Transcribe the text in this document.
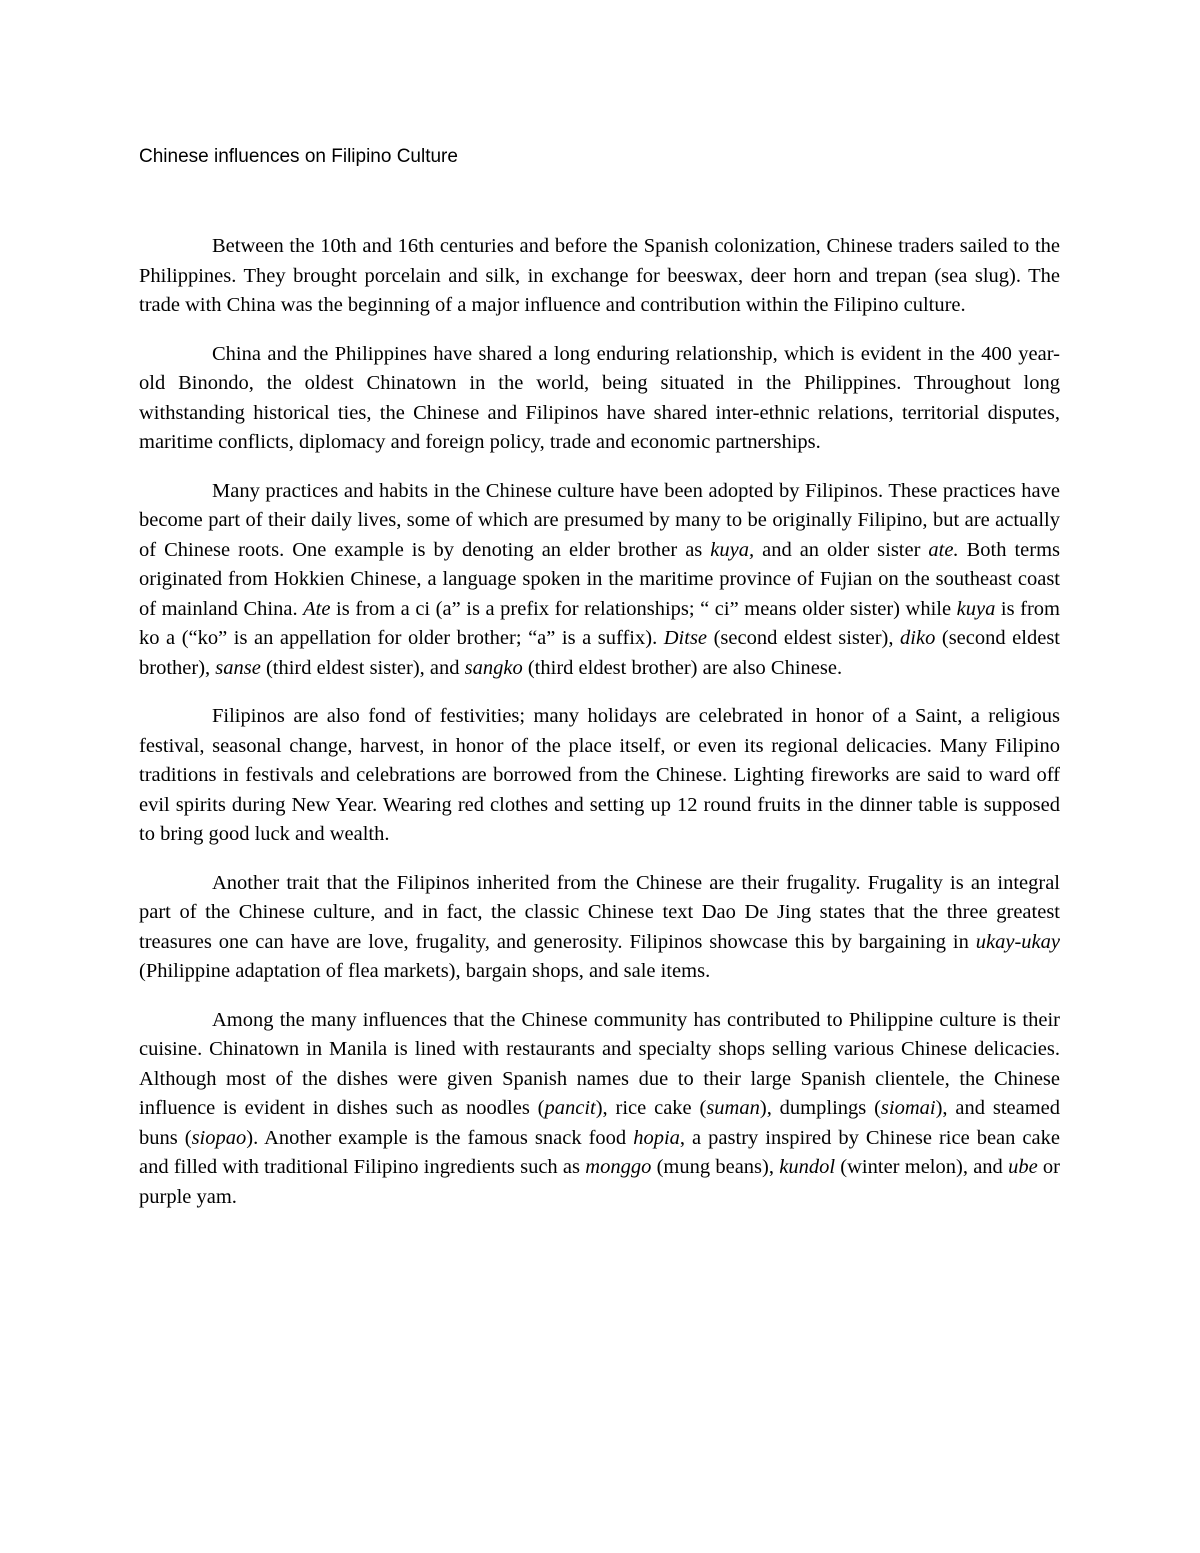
Chinese influences on Filipino Culture

Between the 10th and 16th centuries and before the Spanish colonization, Chinese traders sailed to the Philippines. They brought porcelain and silk, in exchange for beeswax, deer horn and trepan (sea slug). The trade with China was the beginning of a major influence and contribution within the Filipino culture.

China and the Philippines have shared a long enduring relationship, which is evident in the 400 year-old Binondo, the oldest Chinatown in the world, being situated in the Philippines. Throughout long withstanding historical ties, the Chinese and Filipinos have shared inter-ethnic relations, territorial disputes, maritime conflicts, diplomacy and foreign policy, trade and economic partnerships.

Many practices and habits in the Chinese culture have been adopted by Filipinos. These practices have become part of their daily lives, some of which are presumed by many to be originally Filipino, but are actually of Chinese roots. One example is by denoting an elder brother as kuya, and an older sister ate. Both terms originated from Hokkien Chinese, a language spoken in the maritime province of Fujian on the southeast coast of mainland China. Ate is from a ci (a” is a prefix for relationships; “ ci” means older sister) while kuya is from ko a (“ko” is an appellation for older brother; “a” is a suffix). Ditse (second eldest sister), diko (second eldest brother), sanse (third eldest sister), and sangko (third eldest brother) are also Chinese.

Filipinos are also fond of festivities; many holidays are celebrated in honor of a Saint, a religious festival, seasonal change, harvest, in honor of the place itself, or even its regional delicacies. Many Filipino traditions in festivals and celebrations are borrowed from the Chinese. Lighting fireworks are said to ward off evil spirits during New Year. Wearing red clothes and setting up 12 round fruits in the dinner table is supposed to bring good luck and wealth.

Another trait that the Filipinos inherited from the Chinese are their frugality. Frugality is an integral part of the Chinese culture, and in fact, the classic Chinese text Dao De Jing states that the three greatest treasures one can have are love, frugality, and generosity. Filipinos showcase this by bargaining in ukay-ukay (Philippine adaptation of flea markets), bargain shops, and sale items.

Among the many influences that the Chinese community has contributed to Philippine culture is their cuisine. Chinatown in Manila is lined with restaurants and specialty shops selling various Chinese delicacies. Although most of the dishes were given Spanish names due to their large Spanish clientele, the Chinese influence is evident in dishes such as noodles (pancit), rice cake (suman), dumplings (siomai), and steamed buns (siopao). Another example is the famous snack food hopia, a pastry inspired by Chinese rice bean cake and filled with traditional Filipino ingredients such as monggo (mung beans), kundol (winter melon), and ube or purple yam.
